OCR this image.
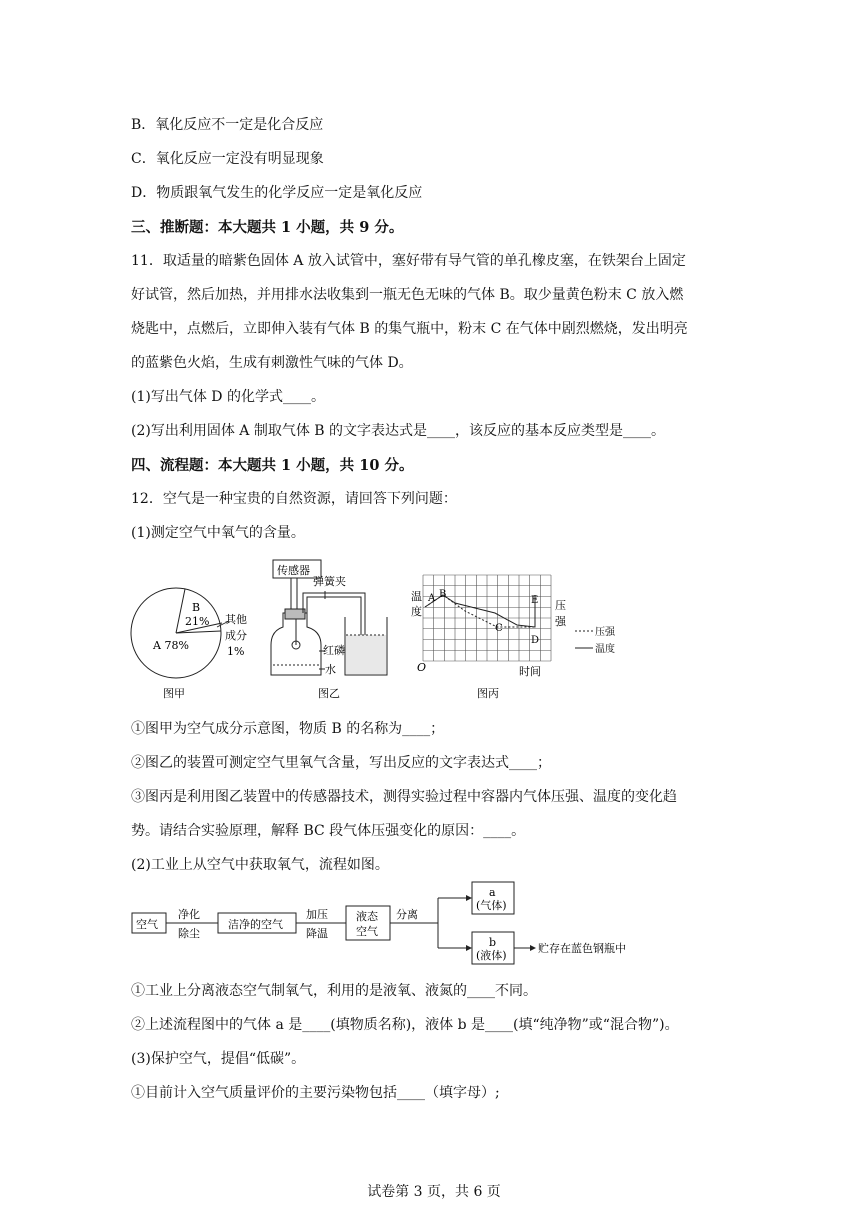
B．氧化反应不一定是化合反应
C．氧化反应一定没有明显现象
D．物质跟氧气发生的化学反应一定是氧化反应
三、推断题：本大题共 1 小题，共 9 分。
11．取适量的暗紫色固体 A 放入试管中，塞好带有导气管的单孔橡皮塞，在铁架台上固定
好试管，然后加热，并用排水法收集到一瓶无色无味的气体 B。取少量黄色粉末 C 放入燃
烧匙中，点燃后，立即伸入装有气体 B 的集气瓶中，粉末 C 在气体中剧烈燃烧，发出明亮
的蓝紫色火焰，生成有刺激性气味的气体 D。
(1)写出气体 D 的化学式____。
(2)写出利用固体 A 制取气体 B 的文字表达式是____，该反应的基本反应类型是____。
四、流程题：本大题共 1 小题，共 10 分。
12．空气是一种宝贵的自然资源，请回答下列问题：
(1)测定空气中氧气的含量。
B
21%
A 78%
其他
成分
1%
图甲
传感器
弹簧夹
红磷
水
图乙
温
度	压
强
O	时间
A B
C
D
E
压强
温度
图丙
①图甲为空气成分示意图，物质 B 的名称为____；
②图乙的装置可测定空气里氧气含量，写出反应的文字表达式____；
③图丙是利用图乙装置中的传感器技术，测得实验过程中容器内气体压强、温度的变化趋
势。请结合实验原理，解释 BC 段气体压强变化的原因：____。
(2)工业上从空气中获取氧气，流程如图。
空气
净化
除尘
洁净的空气
加压
降温
液态
空气
分离
a
(气体)
b
(液体)
贮存在蓝色钢瓶中
①工业上分离液态空气制氧气，利用的是液氧、液氮的____不同。
②上述流程图中的气体 a 是____(填物质名称)，液体 b 是____(填“纯净物”或“混合物”)。
(3)保护空气，提倡“低碳”。
①目前计入空气质量评价的主要污染物包括____（填字母）;
试卷第 3 页，共 6 页
